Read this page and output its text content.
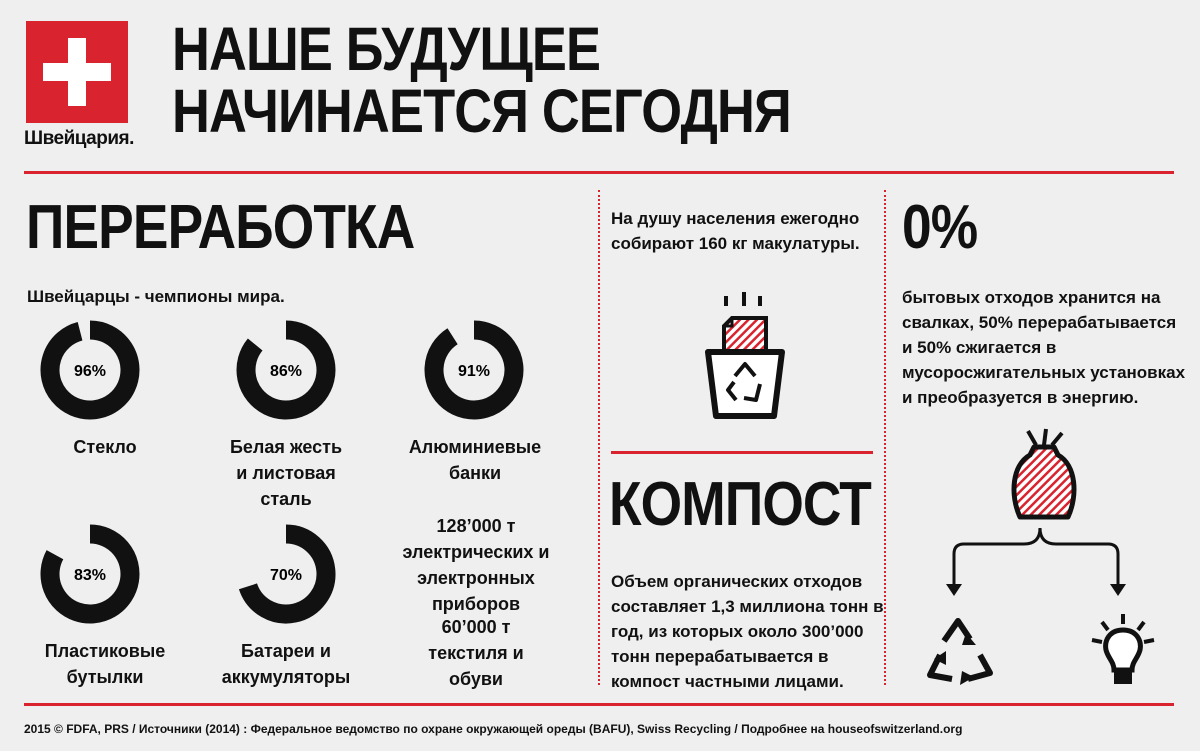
Швейцария.
НАШЕ БУДУЩЕЕ
НАЧИНАЕТСЯ СЕГОДНЯ
ПЕРЕРАБОТКА
Швейцарцы - чемпионы мира.
96%
Стекло
86%
Белая жесть
и листовая
сталь
91%
Алюминиевые
банки
83%
Пластиковые
бутылки
70%
Батареи и
аккумуляторы
128’000 т
электрических и
электронных приборов
60’000 т
текстиля и
обуви
На душу населения ежегодно
собирают 160 кг макулатуры.
КОМПОСТ
Объем органических отходов
составляет 1,3 миллиона тонн в
год, из которых около 300’000
тонн перерабатывается в
компост частными лицами.
0%
бытовых отходов хранится на
свалках, 50% перерабатывается
и 50% сжигается в
мусоросжигательных установках
и преобразуется в энергию.
2015 © FDFA, PRS / Источники (2014) : Федеральное ведомство по охране окружающей ореды (BAFU), Swiss Recycling / Подробнее на houseofswitzerland.org
